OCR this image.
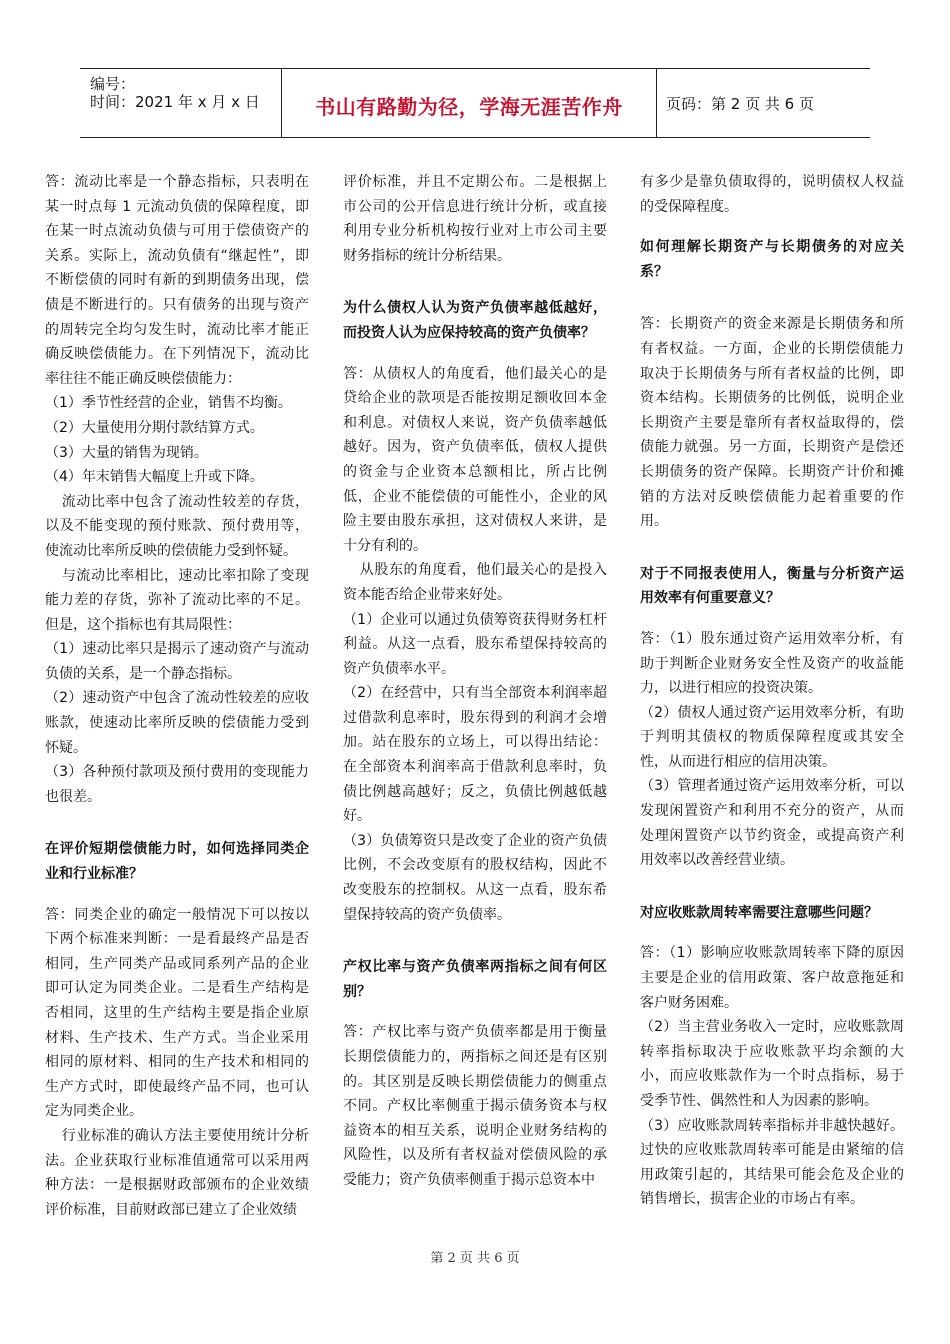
编号：
时间：2021 年 x 月 x 日	书山有路勤为径，学海无涯苦作舟	页码：第 2 页 共 6 页

答：流动比率是一个静态指标，只表明在某一时点每 1 元流动负债的保障程度，即在某一时点流动负债与可用于偿债资产的关系。实际上，流动负债有“继起性”，即不断偿债的同时有新的到期债务出现，偿债是不断进行的。只有债务的出现与资产的周转完全均匀发生时，流动比率才能正确反映偿债能力。在下列情况下，流动比率往往不能正确反映偿债能力：

（1）季节性经营的企业，销售不均衡。

（2）大量使用分期付款结算方式。

（3）大量的销售为现销。

（4）年末销售大幅度上升或下降。

流动比率中包含了流动性较差的存货，以及不能变现的预付账款、预付费用等，使流动比率所反映的偿债能力受到怀疑。

与流动比率相比，速动比率扣除了变现能力差的存货，弥补了流动比率的不足。但是，这个指标也有其局限性：

（1）速动比率只是揭示了速动资产与流动负债的关系，是一个静态指标。

（2）速动资产中包含了流动性较差的应收账款，使速动比率所反映的偿债能力受到怀疑。

（3）各种预付款项及预付费用的变现能力也很差。

在评价短期偿债能力时，如何选择同类企业和行业标准？

答：同类企业的确定一般情况下可以按以下两个标准来判断：一是看最终产品是否相同，生产同类产品或同系列产品的企业即可认定为同类企业。二是看生产结构是否相同，这里的生产结构主要是指企业原材料、生产技术、生产方式。当企业采用相同的原材料、相同的生产技术和相同的生产方式时，即使最终产品不同，也可认定为同类企业。

行业标准的确认方法主要使用统计分析法。企业获取行业标准值通常可以采用两种方法：一是根据财政部颁布的企业效绩评价标准，目前财政部已建立了企业效绩

评价标准，并且不定期公布。二是根据上市公司的公开信息进行统计分析，或直接利用专业分析机构按行业对上市公司主要财务指标的统计分析结果。

为什么债权人认为资产负债率越低越好，而投资人认为应保持较高的资产负债率？

答：从债权人的角度看，他们最关心的是贷给企业的款项是否能按期足额收回本金和利息。对债权人来说，资产负债率越低越好。因为，资产负债率低，债权人提供的资金与企业资本总额相比，所占比例低，企业不能偿债的可能性小，企业的风险主要由股东承担，这对债权人来讲，是十分有利的。

从股东的角度看，他们最关心的是投入资本能否给企业带来好处。

（1）企业可以通过负债筹资获得财务杠杆利益。从这一点看，股东希望保持较高的资产负债率水平。

（2）在经营中，只有当全部资本利润率超过借款利息率时，股东得到的利润才会增加。站在股东的立场上，可以得出结论：在全部资本利润率高于借款利息率时，负债比例越高越好；反之，负债比例越低越好。

（3）负债筹资只是改变了企业的资产负债比例，不会改变原有的股权结构，因此不改变股东的控制权。从这一点看，股东希望保持较高的资产负债率。

产权比率与资产负债率两指标之间有何区别？

答：产权比率与资产负债率都是用于衡量长期偿债能力的，两指标之间还是有区别的。其区别是反映长期偿债能力的侧重点不同。产权比率侧重于揭示债务资本与权益资本的相互关系，说明企业财务结构的风险性，以及所有者权益对偿债风险的承受能力；资产负债率侧重于揭示总资本中

有多少是靠负债取得的，说明债权人权益的受保障程度。

如何理解长期资产与长期债务的对应关系？

答：长期资产的资金来源是长期债务和所有者权益。一方面，企业的长期偿债能力取决于长期债务与所有者权益的比例，即资本结构。长期债务的比例低，说明企业长期资产主要是靠所有者权益取得的，偿债能力就强。另一方面，长期资产是偿还长期债务的资产保障。长期资产计价和摊销的方法对反映偿债能力起着重要的作用。

对于不同报表使用人，衡量与分析资产运用效率有何重要意义？

答：（1）股东通过资产运用效率分析，有助于判断企业财务安全性及资产的收益能力，以进行相应的投资决策。

（2）债权人通过资产运用效率分析，有助于判明其债权的物质保障程度或其安全性，从而进行相应的信用决策。

（3）管理者通过资产运用效率分析，可以发现闲置资产和利用不充分的资产，从而处理闲置资产以节约资金，或提高资产利用效率以改善经营业绩。

对应收账款周转率需要注意哪些问题？

答：（1）影响应收账款周转率下降的原因主要是企业的信用政策、客户故意拖延和客户财务困难。

（2）当主营业务收入一定时，应收账款周转率指标取决于应收账款平均余额的大小，而应收账款作为一个时点指标，易于受季节性、偶然性和人为因素的影响。

（3）应收账款周转率指标并非越快越好。过快的应收账款周转率可能是由紧缩的信用政策引起的，其结果可能会危及企业的销售增长，损害企业的市场占有率。

第 2 页 共 6 页
